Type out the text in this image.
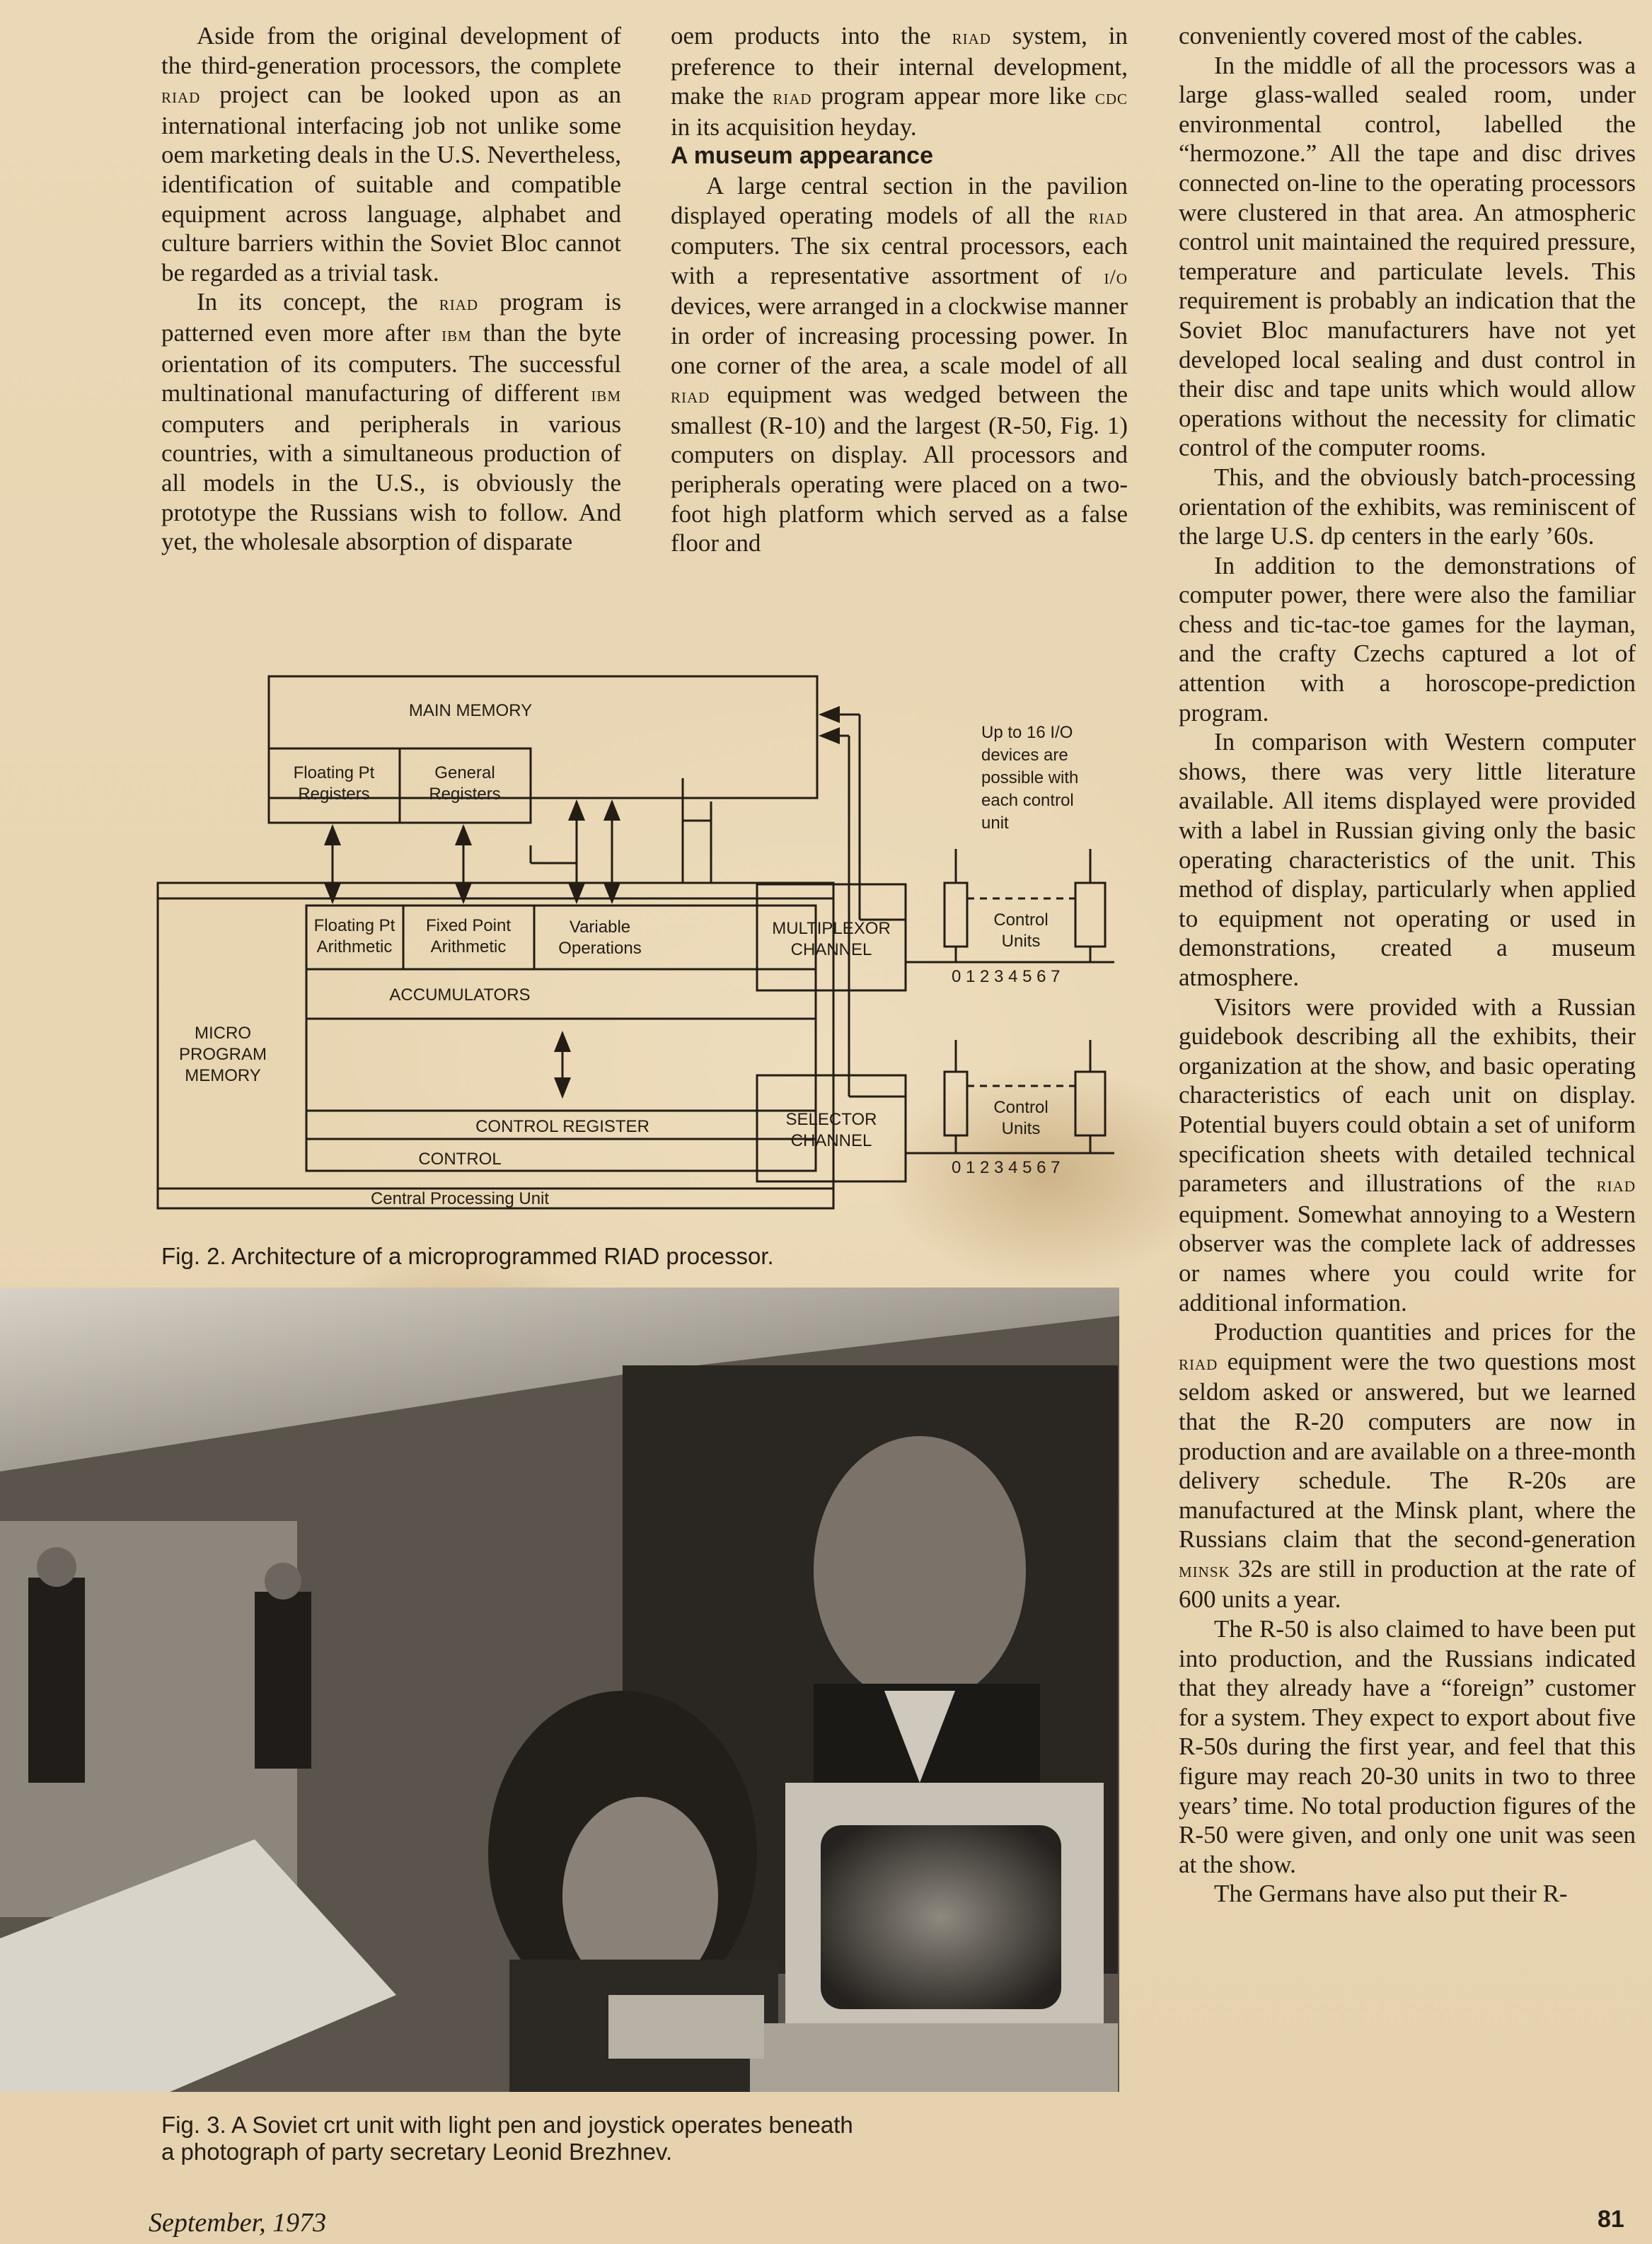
Aside from the original development of the third-generation processors, the complete riad project can be looked upon as an international interfacing job not unlike some oem marketing deals in the U.S. Nevertheless, identification of suitable and compatible equipment across language, alphabet and culture barriers within the Soviet Bloc cannot be regarded as a trivial task.

In its concept, the riad program is patterned even more after ibm than the byte orientation of its computers. The successful multinational manufacturing of different ibm computers and peripherals in various countries, with a simultaneous production of all models in the U.S., is obviously the prototype the Russians wish to follow. And yet, the wholesale absorption of disparate

oem products into the riad system, in preference to their internal development, make the riad program appear more like cdc in its acquisition heyday.

A museum appearance

A large central section in the pavilion displayed operating models of all the riad computers. The six central processors, each with a representative assortment of i/o devices, were arranged in a clockwise manner in order of increasing processing power. In one corner of the area, a scale model of all riad equipment was wedged between the smallest (R-10) and the largest (R-50, Fig. 1) computers on display. All processors and peripherals operating were placed on a two-foot high platform which served as a false floor and

conveniently covered most of the cables.

In the middle of all the processors was a large glass-walled sealed room, under environmental control, labelled the “hermozone.” All the tape and disc drives connected on-line to the operating processors were clustered in that area. An atmospheric control unit maintained the required pressure, temperature and particulate levels. This requirement is probably an indication that the Soviet Bloc manufacturers have not yet developed local sealing and dust control in their disc and tape units which would allow operations without the necessity for climatic control of the computer rooms.

This, and the obviously batch-processing orientation of the exhibits, was reminiscent of the large U.S. dp centers in the early ’60s.

In addition to the demonstrations of computer power, there were also the familiar chess and tic-tac-toe games for the layman, and the crafty Czechs captured a lot of attention with a horoscope-prediction program.

In comparison with Western computer shows, there was very little literature available. All items displayed were provided with a label in Russian giving only the basic operating characteristics of the unit. This method of display, particularly when applied to equipment not operating or used in demonstrations, created a museum atmosphere.

Visitors were provided with a Russian guidebook describing all the exhibits, their organization at the show, and basic operating characteristics of each unit on display. Potential buyers could obtain a set of uniform specification sheets with detailed technical parameters and illustrations of the riad equipment. Somewhat annoying to a Western observer was the complete lack of addresses or names where you could write for additional information.

Production quantities and prices for the riad equipment were the two questions most seldom asked or answered, but we learned that the R-20 computers are now in production and are available on a three-month delivery schedule. The R-20s are manufactured at the Minsk plant, where the Russians claim that the second-generation minsk 32s are still in production at the rate of 600 units a year.

The R-50 is also claimed to have been put into production, and the Russians indicated that they already have a “foreign” customer for a system. They expect to export about five R-50s during the first year, and feel that this figure may reach 20-30 units in two to three years’ time. No total production figures of the R-50 were given, and only one unit was seen at the show.

The Germans have also put their R-

MAIN MEMORY
Floating Pt
Registers
General
Registers
Floating Pt
Arithmetic
Fixed Point
Arithmetic
Variable
Operations
ACCUMULATORS
MICRO
PROGRAM
MEMORY
CONTROL REGISTER
CONTROL
Central Processing Unit
MULTIPLEXOR
CHANNEL
SELECTOR
CHANNEL
Control
Units
Control
Units
Up to 16 I/O
devices are
possible with
each control
unit
0 1 2 3 4 5 6 7
0 1 2 3 4 5 6 7
Fig. 2. Architecture of a microprogrammed RIAD processor.
Fig. 3. A Soviet crt unit with light pen and joystick operates beneath
a photograph of party secretary Leonid Brezhnev.
September, 1973	81
